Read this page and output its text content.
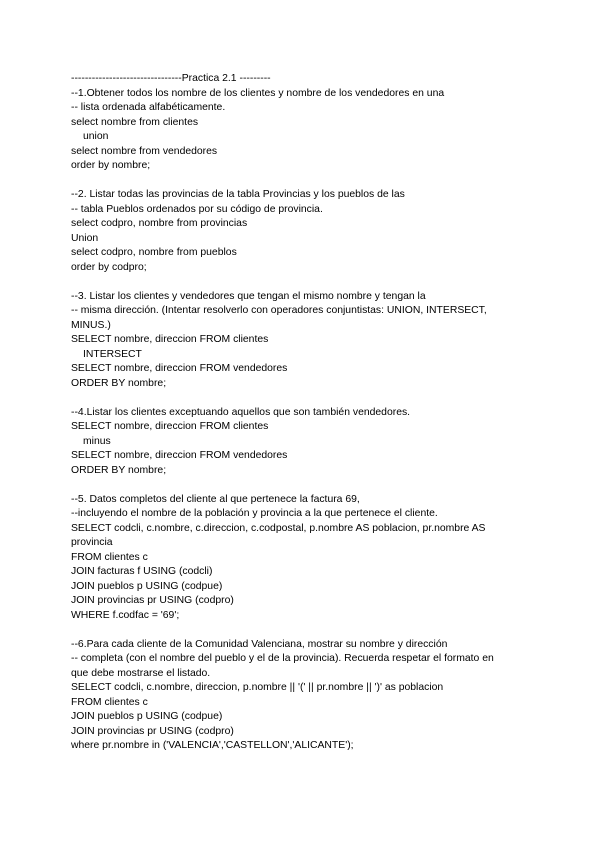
--------------------------------Practica 2.1 ---------
--1.Obtener todos los nombre de los clientes y nombre de los vendedores en una
-- lista ordenada alfabéticamente.
select nombre from clientes
union
select nombre from vendedores
order by nombre;
--2. Listar todas las provincias de la tabla Provincias y los pueblos de las
-- tabla Pueblos ordenados por su código de provincia.
select codpro, nombre from provincias
Union
select codpro, nombre from pueblos
order by codpro;
--3. Listar los clientes y vendedores que tengan el mismo nombre y tengan la
-- misma dirección. (Intentar resolverlo con operadores conjuntistas: UNION, INTERSECT,
MINUS.)
SELECT nombre, direccion FROM clientes
INTERSECT
SELECT nombre, direccion FROM vendedores
ORDER BY nombre;
--4.Listar los clientes exceptuando aquellos que son también vendedores.
SELECT nombre, direccion FROM clientes
minus
SELECT nombre, direccion FROM vendedores
ORDER BY nombre;
--5. Datos completos del cliente al que pertenece la factura 69,
--incluyendo el nombre de la población y provincia a la que pertenece el cliente.
SELECT codcli, c.nombre, c.direccion, c.codpostal, p.nombre AS poblacion, pr.nombre AS
provincia
FROM clientes c
JOIN facturas f USING (codcli)
JOIN pueblos p USING (codpue)
JOIN provincias pr USING (codpro)
WHERE f.codfac = '69';
--6.Para cada cliente de la Comunidad Valenciana, mostrar su nombre y dirección
-- completa (con el nombre del pueblo y el de la provincia). Recuerda respetar el formato en
que debe mostrarse el listado.
SELECT codcli, c.nombre, direccion, p.nombre || '(' || pr.nombre || ')' as poblacion
FROM clientes c
JOIN pueblos p USING (codpue)
JOIN provincias pr USING (codpro)
where pr.nombre in ('VALENCIA','CASTELLON','ALICANTE');
